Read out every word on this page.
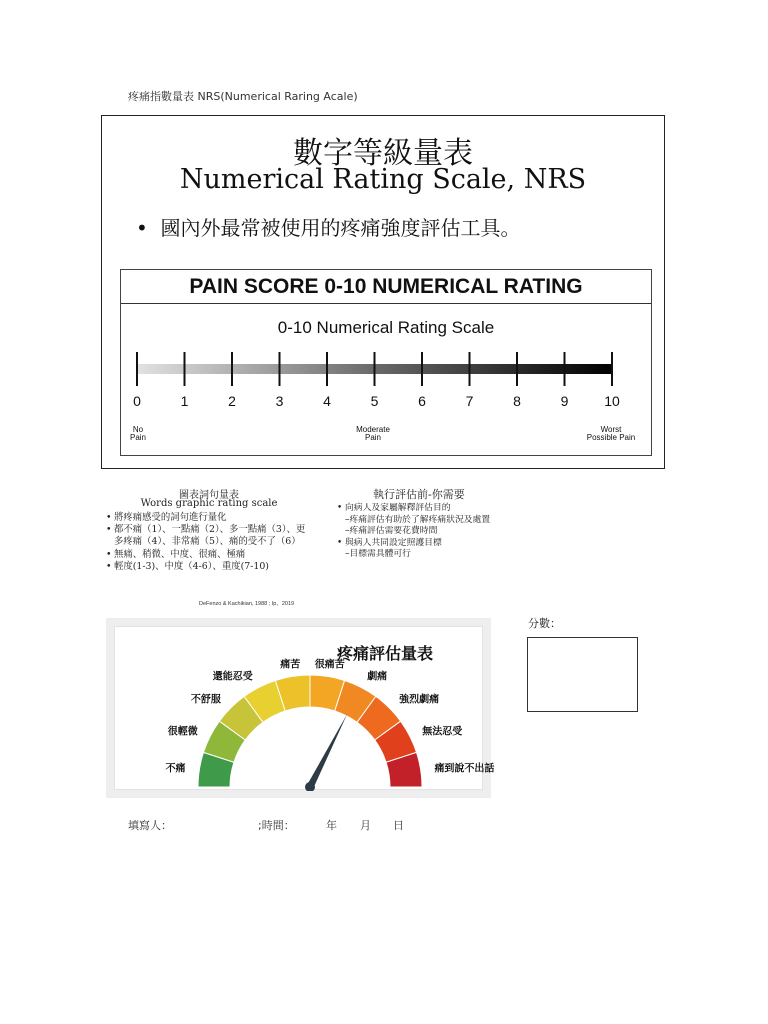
疼痛指數量表 NRS(Numerical Raring Acale)
數字等級量表
Numerical Rating Scale, NRS
•  國內外最常被使用的疼痛強度評估工具。
PAIN SCORE 0-10 NUMERICAL RATING
0-10 Numerical Rating Scale
0	1	2	3	4	5	6	7	8	9	10
No
Pain
Moderate
Pain
Worst
Possible Pain
圖表詞句量表
Words graphic rating scale
• 將疼痛感受的詞句進行量化
• 都不痛（1）、一點痛（2）、多一點痛（3）、更多疼痛（4）、非常痛（5）、痛的受不了（6）
• 無痛、稍微、中度、很痛、極痛
• 輕度(1-3)、中度（4-6）、重度(7-10)
DeFenzo & Kachikian, 1988 ; Ip，2019
執行評估前-你需要
• 向病人及家屬解釋評估目的
–疼痛評估有助於了解疼痛狀況及處置
–疼痛評估需要花費時間
• 與病人共同設定照護目標
–目標需具體可行
疼痛評估量表
不痛
很輕微
不舒服
還能忍受
痛苦 很痛苦
劇痛
強烈劇痛
無法忍受
痛到說不出話
分數：
填寫人：	;時間：	年 月 日
